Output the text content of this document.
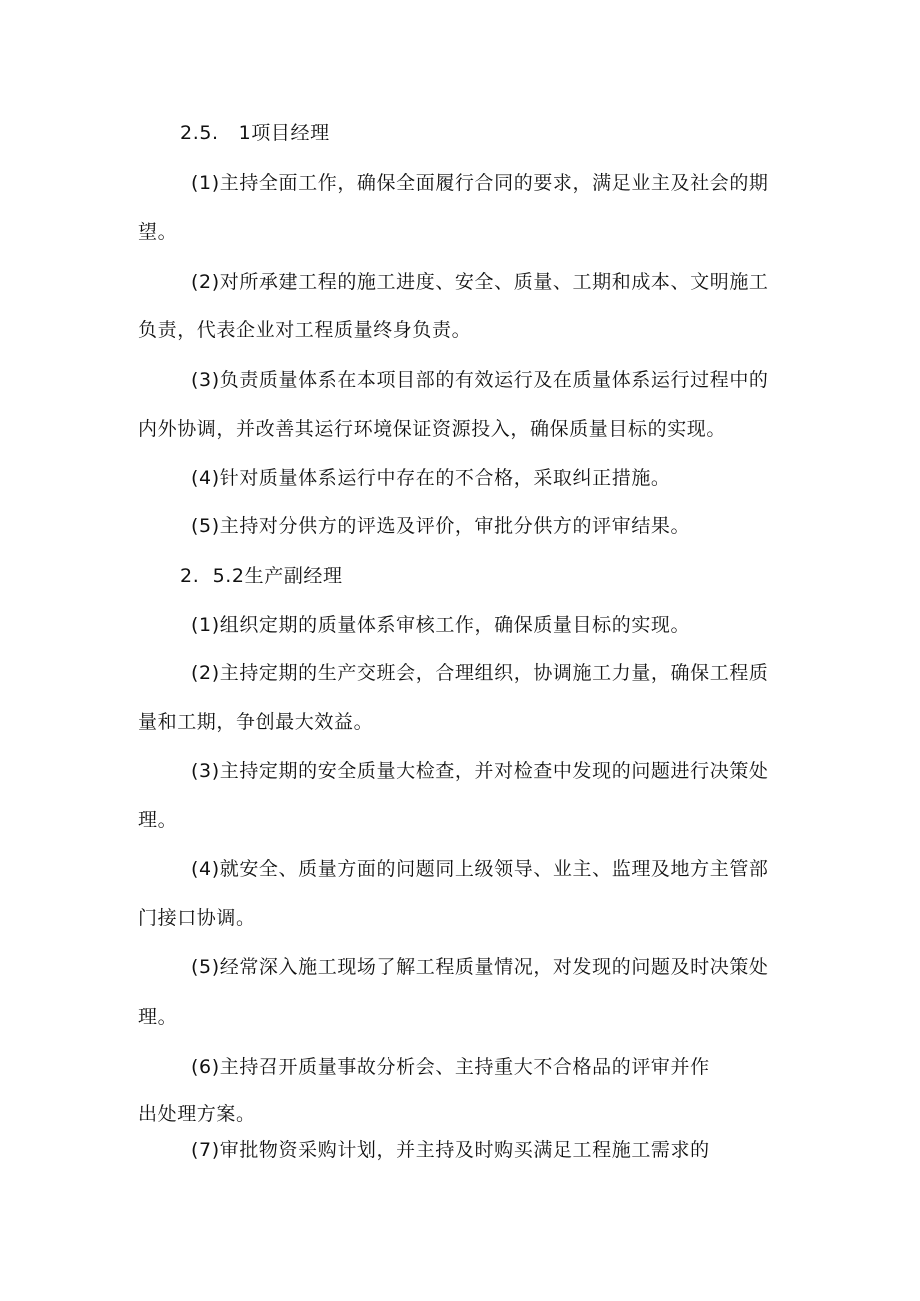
2.5.   1项目经理
(1)主持全面工作，确保全面履行合同的要求，满足业主及社会的期
望。
(2)对所承建工程的施工进度、安全、质量、工期和成本、文明施工
负责，代表企业对工程质量终身负责。
(3)负责质量体系在本项目部的有效运行及在质量体系运行过程中的
内外协调，并改善其运行环境保证资源投入，确保质量目标的实现。
(4)针对质量体系运行中存在的不合格，采取纠正措施。
(5)主持对分供方的评选及评价，审批分供方的评审结果。
2.  5.2生产副经理
(1)组织定期的质量体系审核工作，确保质量目标的实现。
(2)主持定期的生产交班会，合理组织，协调施工力量，确保工程质
量和工期，争创最大效益。
(3)主持定期的安全质量大检查，并对检查中发现的问题进行决策处
理。
(4)就安全、质量方面的问题同上级领导、业主、监理及地方主管部
门接口协调。
(5)经常深入施工现场了解工程质量情况，对发现的问题及时决策处
理。
(6)主持召开质量事故分析会、主持重大不合格品的评审并作
出处理方案。
(7)审批物资采购计划，并主持及时购买满足工程施工需求的
